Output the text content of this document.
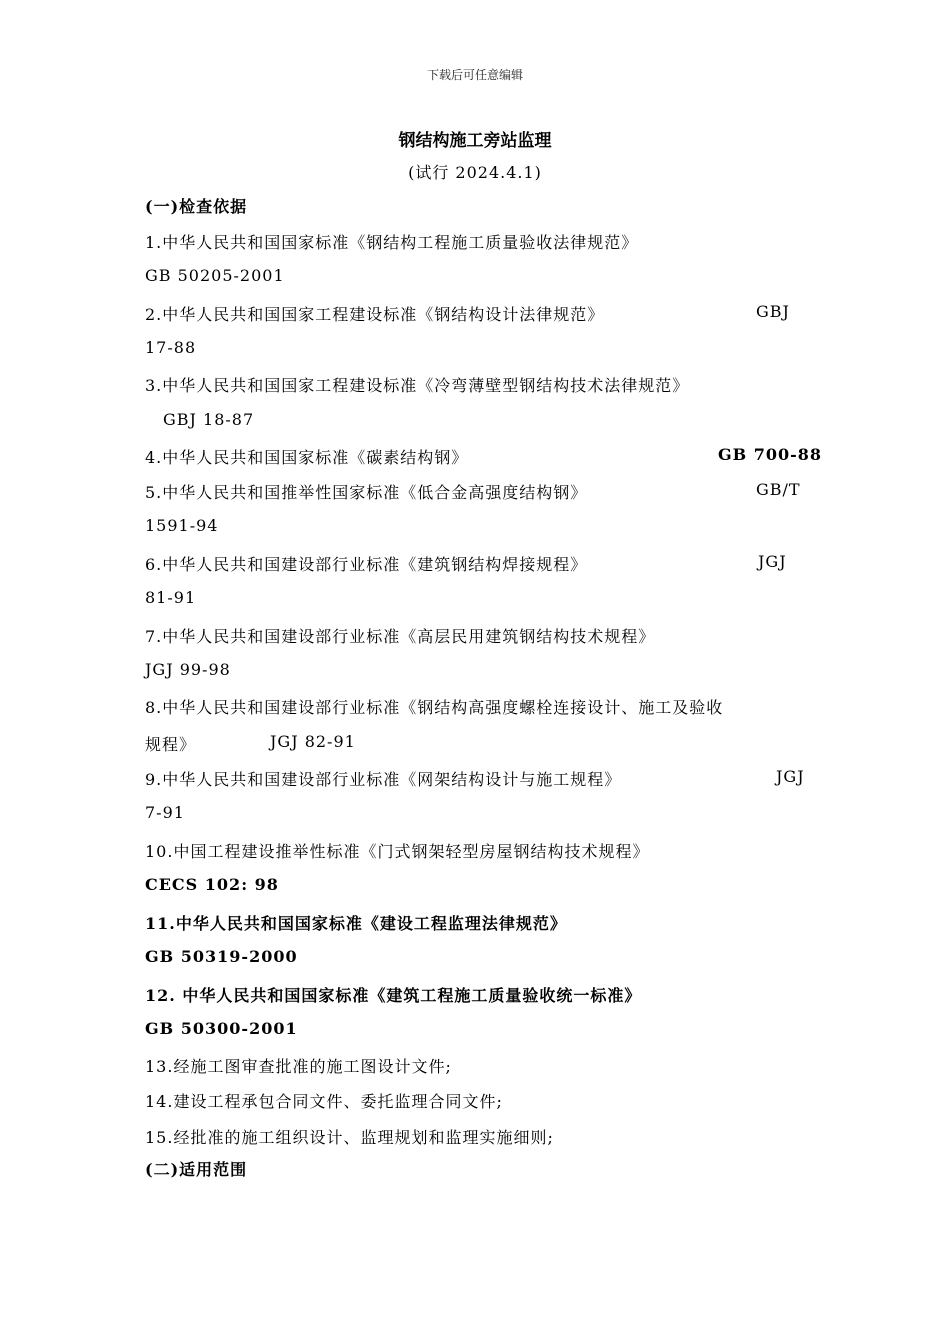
下载后可任意编辑
钢结构施工旁站监理
(试行 2024.4.1)
(一)检查依据
1.中华人民共和国国家标准《钢结构工程施工质量验收法律规范》
GB 50205-2001
2.中华人民共和国国家工程建设标准《钢结构设计法律规范》	GBJ
17-88
3.中华人民共和国国家工程建设标准《冷弯薄壁型钢结构技术法律规范》
GBJ 18-87
4.中华人民共和国国家标准《碳素结构钢》	GB 700-88
5.中华人民共和国推举性国家标准《低合金高强度结构钢》	GB/T
1591-94
6.中华人民共和国建设部行业标准《建筑钢结构焊接规程》	JGJ
81-91
7.中华人民共和国建设部行业标准《高层民用建筑钢结构技术规程》
JGJ 99-98
8.中华人民共和国建设部行业标准《钢结构高强度螺栓连接设计、施工及验收
规程》	JGJ 82-91
9.中华人民共和国建设部行业标准《网架结构设计与施工规程》	JGJ
7-91
10.中国工程建设推举性标准《门式钢架轻型房屋钢结构技术规程》
CECS 102: 98
11.中华人民共和国国家标准《建设工程监理法律规范》
GB 50319-2000
12. 中华人民共和国国家标准《建筑工程施工质量验收统一标准》
GB 50300-2001
13.经施工图审查批准的施工图设计文件;
14.建设工程承包合同文件、委托监理合同文件;
15.经批准的施工组织设计、监理规划和监理实施细则;
(二)适用范围
